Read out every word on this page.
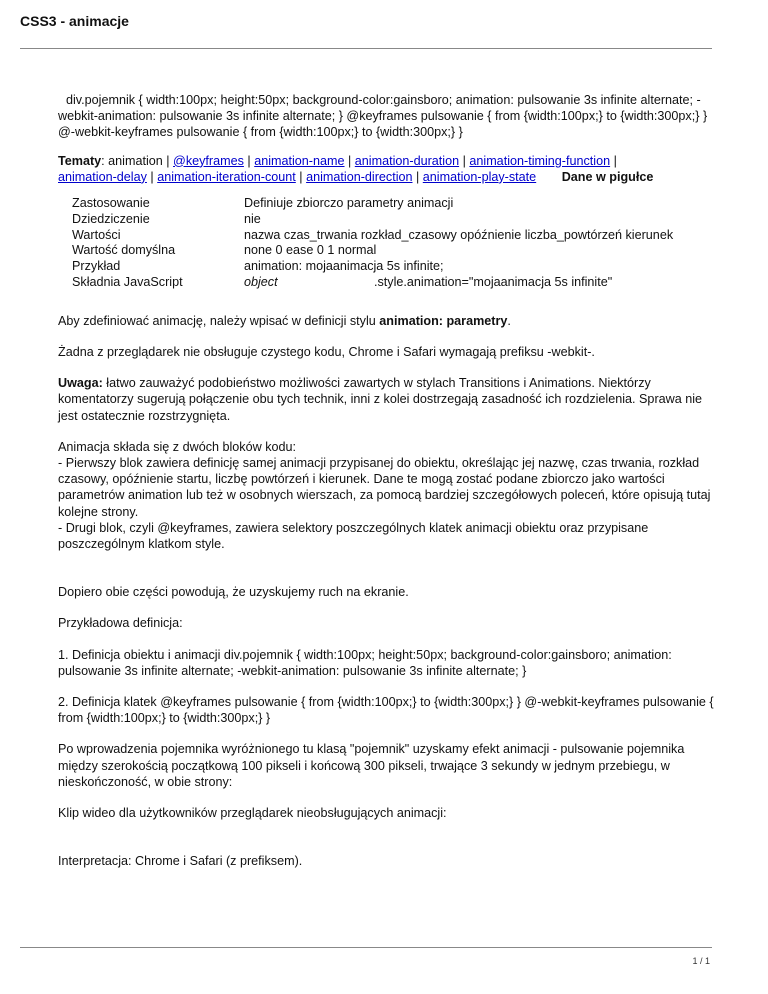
CSS3 - animacje

div.pojemnik { width:100px; height:50px; background-color:gainsboro; animation: pulsowanie 3s infinite alternate; -webkit-animation: pulsowanie 3s infinite alternate; } @keyframes pulsowanie { from {width:100px;} to {width:300px;} } @-webkit-keyframes pulsowanie { from {width:100px;} to {width:300px;} }

Tematy: animation | @keyframes | animation-name | animation-duration | animation-timing-function |
animation-delay | animation-iteration-count | animation-direction | animation-play-state Dane w pigułce

Zastosowanie	Definiuje zbiorczo parametry animacji
Dziedziczenie	nie
Wartości	nazwa czas_trwania rozkład_czasowy opóźnienie liczba_powtórzeń kierunek
Wartość domyślna	none 0 ease 0 1 normal
Przykład	animation: mojaanimacja 5s infinite;
Składnia JavaScript	object .style.animation="mojaanimacja 5s infinite"

Aby zdefiniować animację, należy wpisać w definicji stylu animation: parametry.

Żadna z przeglądarek nie obsługuje czystego kodu, Chrome i Safari wymagają prefiksu -webkit-.

Uwaga: łatwo zauważyć podobieństwo możliwości zawartych w stylach Transitions i Animations. Niektórzy komentatorzy sugerują połączenie obu tych technik, inni z kolei dostrzegają zasadność ich rozdzielenia. Sprawa nie jest ostatecznie rozstrzygnięta.

Animacja składa się z dwóch bloków kodu:
- Pierwszy blok zawiera definicję samej animacji przypisanej do obiektu, określając jej nazwę, czas trwania, rozkład czasowy, opóźnienie startu, liczbę powtórzeń i kierunek. Dane te mogą zostać podane zbiorczo jako wartości parametrów animation lub też w osobnych wierszach, za pomocą bardziej szczegółowych poleceń, które opisują tutaj kolejne strony.
- Drugi blok, czyli @keyframes, zawiera selektory poszczególnych klatek animacji obiektu oraz przypisane poszczególnym klatkom style.

Dopiero obie części powodują, że uzyskujemy ruch na ekranie.

Przykładowa definicja:

1. Definicja obiektu i animacji div.pojemnik { width:100px; height:50px; background-color:gainsboro; animation: pulsowanie 3s infinite alternate; -webkit-animation: pulsowanie 3s infinite alternate; }

2. Definicja klatek @keyframes pulsowanie { from {width:100px;} to {width:300px;} } @-webkit-keyframes pulsowanie { from {width:100px;} to {width:300px;} }

Po wprowadzenia pojemnika wyróżnionego tu klasą "pojemnik" uzyskamy efekt animacji - pulsowanie pojemnika między szerokością początkową 100 pikseli i końcową 300 pikseli, trwające 3 sekundy w jednym przebiegu, w nieskończoność, w obie strony:

Klip wideo dla użytkowników przeglądarek nieobsługujących animacji:

Interpretacja: Chrome i Safari (z prefiksem).

1 / 1
